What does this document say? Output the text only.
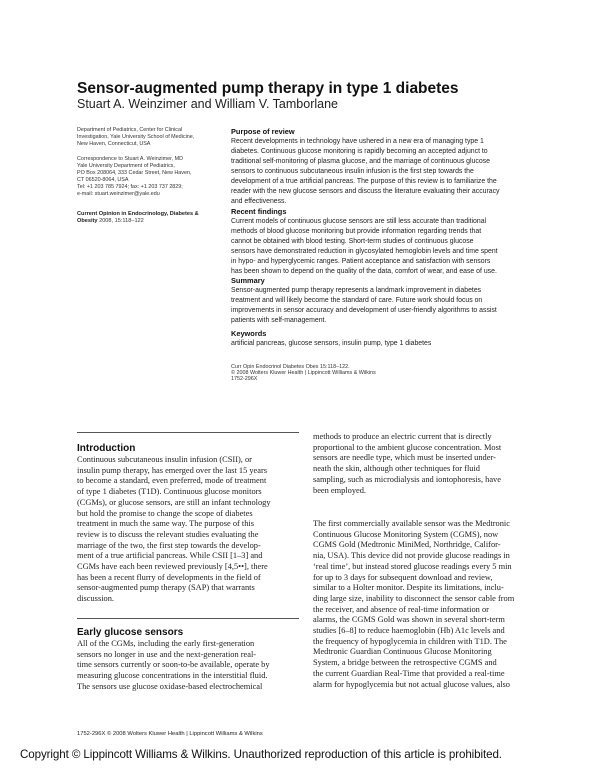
Sensor-augmented pump therapy in type 1 diabetes
Stuart A. Weinzimer and William V. Tamborlane
Department of Pediatrics, Center for Clinical
Investigation, Yale University School of Medicine,
New Haven, Connecticut, USA
Correspondence to Stuart A. Weinzimer, MD
Yale University Department of Pediatrics,
PO Box 208064, 333 Cedar Street, New Haven,
CT 06520-8064, USA
Tel: +1 203 785 7924; fax: +1 203 737 2829;
e-mail: stuart.weinzimer@yale.edu
Current Opinion in Endocrinology, Diabetes &
Obesity 2008, 15:118–122
Purpose of review
Recent developments in technology have ushered in a new era of managing type 1
diabetes. Continuous glucose monitoring is rapidly becoming an accepted adjunct to
traditional self-monitoring of plasma glucose, and the marriage of continuous glucose
sensors to continuous subcutaneous insulin infusion is the first step towards the
development of a true artificial pancreas. The purpose of this review is to familiarize the
reader with the new glucose sensors and discuss the literature evaluating their accuracy
and effectiveness.
Recent findings
Current models of continuous glucose sensors are still less accurate than traditional
methods of blood glucose monitoring but provide information regarding trends that
cannot be obtained with blood testing. Short-term studies of continuous glucose
sensors have demonstrated reduction in glycosylated hemoglobin levels and time spent
in hypo- and hyperglycemic ranges. Patient acceptance and satisfaction with sensors
has been shown to depend on the quality of the data, comfort of wear, and ease of use.
Summary
Sensor-augmented pump therapy represents a landmark improvement in diabetes
treatment and will likely become the standard of care. Future work should focus on
improvements in sensor accuracy and development of user-friendly algorithms to assist
patients with self-management.
Keywords
artificial pancreas, glucose sensors, insulin pump, type 1 diabetes
Curr Opin Endocrinol Diabetes Obes 15:118–122.
© 2008 Wolters Kluwer Health | Lippincott Williams & Wilkins
1752-296X
Introduction
Continuous subcutaneous insulin infusion (CSII), or
insulin pump therapy, has emerged over the last 15 years
to become a standard, even preferred, mode of treatment
of type 1 diabetes (T1D). Continuous glucose monitors
(CGMs), or glucose sensors, are still an infant technology
but hold the promise to change the scope of diabetes
treatment in much the same way. The purpose of this
review is to discuss the relevant studies evaluating the
marriage of the two, the first step towards the develop-
ment of a true artificial pancreas. While CSII [1–3] and
CGMs have each been reviewed previously [4,5••], there
has been a recent flurry of developments in the field of
sensor-augmented pump therapy (SAP) that warrants
discussion.
Early glucose sensors
All of the CGMs, including the early first-generation
sensors no longer in use and the next-generation real-
time sensors currently or soon-to-be available, operate by
measuring glucose concentrations in the interstitial fluid.
The sensors use glucose oxidase-based electrochemical
methods to produce an electric current that is directly
proportional to the ambient glucose concentration. Most
sensors are needle type, which must be inserted under-
neath the skin, although other techniques for fluid
sampling, such as microdialysis and iontophoresis, have
been employed.
The first commercially available sensor was the Medtronic
Continuous Glucose Monitoring System (CGMS), now
CGMS Gold (Medtronic MiniMed, Northridge, Califor-
nia, USA). This device did not provide glucose readings in
‘real time’, but instead stored glucose readings every 5 min
for up to 3 days for subsequent download and review,
similar to a Holter monitor. Despite its limitations, inclu-
ding large size, inability to disconnect the sensor cable from
the receiver, and absence of real-time information or
alarms, the CGMS Gold was shown in several short-term
studies [6–8] to reduce haemoglobin (Hb) A1c levels and
the frequency of hypoglycemia in children with T1D. The
Medtronic Guardian Continuous Glucose Monitoring
System, a bridge between the retrospective CGMS and
the current Guardian Real-Time that provided a real-time
alarm for hypoglycemia but not actual glucose values, also
1752-296X © 2008 Wolters Kluwer Health | Lippincott Williams & Wilkins
Copyright © Lippincott Williams & Wilkins. Unauthorized reproduction of this article is prohibited.
